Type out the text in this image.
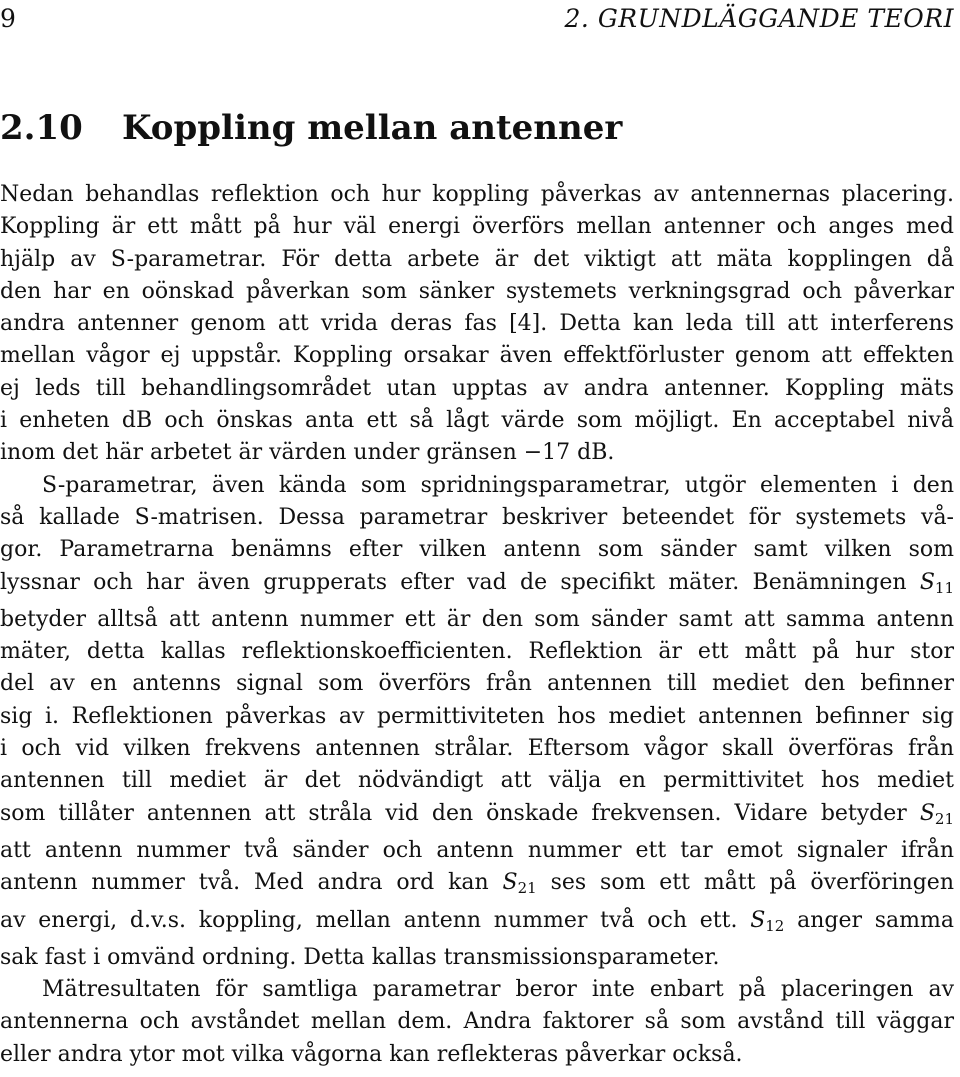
9	2. GRUNDLÄGGANDE TEORI
2.10 Koppling mellan antenner

Nedan behandlas reflektion och hur koppling påverkas av antennernas placering.
Koppling är ett mått på hur väl energi överförs mellan antenner och anges med
hjälp av S-parametrar. För detta arbete är det viktigt att mäta kopplingen då
den har en oönskad påverkan som sänker systemets verkningsgrad och påverkar
andra antenner genom att vrida deras fas [4]. Detta kan leda till att interferens
mellan vågor ej uppstår. Koppling orsakar även effektförluster genom att effekten
ej leds till behandlingsområdet utan upptas av andra antenner. Koppling mäts
i enheten dB och önskas anta ett så lågt värde som möjligt. En acceptabel nivå
inom det här arbetet är värden under gränsen −17 dB.

S-parametrar, även kända som spridningsparametrar, utgör elementen i den
så kallade S-matrisen. Dessa parametrar beskriver beteendet för systemets vå-
gor. Parametrarna benämns efter vilken antenn som sänder samt vilken som
lyssnar och har även grupperats efter vad de specifikt mäter. Benämningen $S_{11}$
betyder alltså att antenn nummer ett är den som sänder samt att samma antenn
mäter, detta kallas reflektionskoefficienten. Reflektion är ett mått på hur stor
del av en antenns signal som överförs från antennen till mediet den befinner
sig i. Reflektionen påverkas av permittiviteten hos mediet antennen befinner sig
i och vid vilken frekvens antennen strålar. Eftersom vågor skall överföras från
antennen till mediet är det nödvändigt att välja en permittivitet hos mediet
som tillåter antennen att stråla vid den önskade frekvensen. Vidare betyder $S_{21}$
att antenn nummer två sänder och antenn nummer ett tar emot signaler ifrån
antenn nummer två. Med andra ord kan $S_{21}$ ses som ett mått på överföringen
av energi, d.v.s. koppling, mellan antenn nummer två och ett. $S_{12}$ anger samma
sak fast i omvänd ordning. Detta kallas transmissionsparameter.

Mätresultaten för samtliga parametrar beror inte enbart på placeringen av
antennerna och avståndet mellan dem. Andra faktorer så som avstånd till väggar
eller andra ytor mot vilka vågorna kan reflekteras påverkar också.
